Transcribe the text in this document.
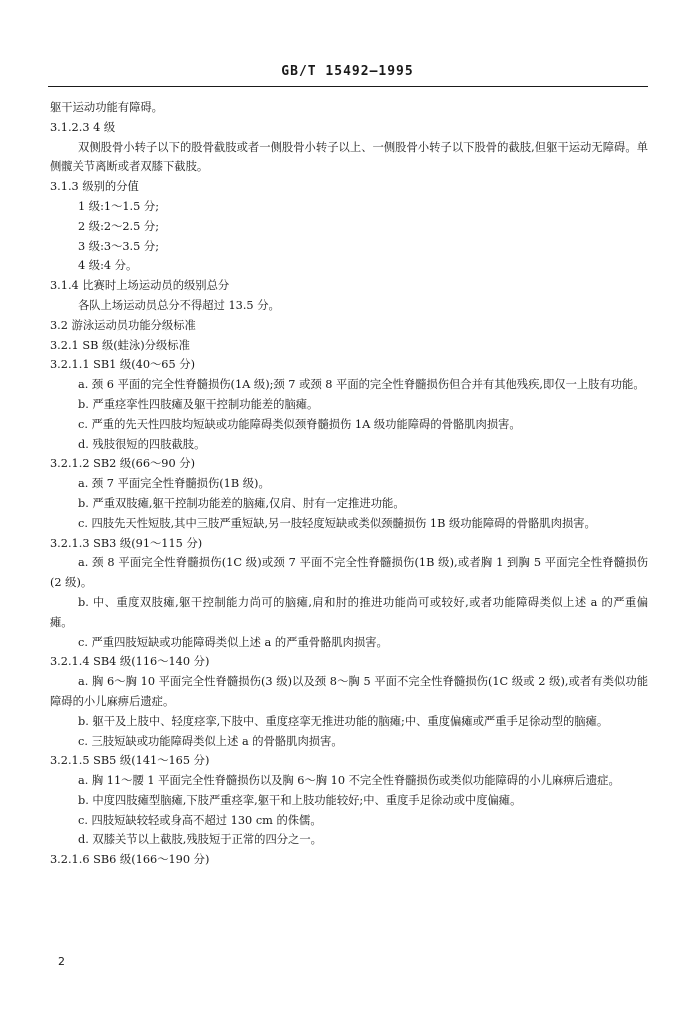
GB/T 15492—1995
躯干运动功能有障碍。
3.1.2.3 4 级
双侧股骨小转子以下的股骨截肢或者一侧股骨小转子以上、一侧股骨小转子以下股骨的截肢,但躯干运动无障碍。单侧髋关节离断或者双膝下截肢。
3.1.3 级别的分值
1 级:1～1.5 分;
2 级:2～2.5 分;
3 级:3～3.5 分;
4 级:4 分。
3.1.4 比赛时上场运动员的级别总分
各队上场运动员总分不得超过 13.5 分。
3.2 游泳运动员功能分级标准
3.2.1 SB 级(蛙泳)分级标准
3.2.1.1 SB1 级(40～65 分)
a. 颈 6 平面的完全性脊髓损伤(1A 级);颈 7 或颈 8 平面的完全性脊髓损伤但合并有其他残疾,即仅一上肢有功能。
b. 严重痉挛性四肢瘫及躯干控制功能差的脑瘫。
c. 严重的先天性四肢均短缺或功能障碍类似颈脊髓损伤 1A 级功能障碍的骨骼肌肉损害。
d. 残肢很短的四肢截肢。
3.2.1.2 SB2 级(66～90 分)
a. 颈 7 平面完全性脊髓损伤(1B 级)。
b. 严重双肢瘫,躯干控制功能差的脑瘫,仅肩、肘有一定推进功能。
c. 四肢先天性短肢,其中三肢严重短缺,另一肢轻度短缺或类似颈髓损伤 1B 级功能障碍的骨骼肌肉损害。
3.2.1.3 SB3 级(91～115 分)
a. 颈 8 平面完全性脊髓损伤(1C 级)或颈 7 平面不完全性脊髓损伤(1B 级),或者胸 1 到胸 5 平面完全性脊髓损伤(2 级)。
b. 中、重度双肢瘫,躯干控制能力尚可的脑瘫,肩和肘的推进功能尚可或较好,或者功能障碍类似上述 a 的严重偏瘫。
c. 严重四肢短缺或功能障碍类似上述 a 的严重骨骼肌肉损害。
3.2.1.4 SB4 级(116～140 分)
a. 胸 6～胸 10 平面完全性脊髓损伤(3 级)以及颈 8～胸 5 平面不完全性脊髓损伤(1C 级或 2 级),或者有类似功能障碍的小儿麻痹后遗症。
b. 躯干及上肢中、轻度痉挛,下肢中、重度痉挛无推进功能的脑瘫;中、重度偏瘫或严重手足徐动型的脑瘫。
c. 三肢短缺或功能障碍类似上述 a 的骨骼肌肉损害。
3.2.1.5 SB5 级(141～165 分)
a. 胸 11～腰 1 平面完全性脊髓损伤以及胸 6～胸 10 不完全性脊髓损伤或类似功能障碍的小儿麻痹后遗症。
b. 中度四肢瘫型脑瘫,下肢严重痉挛,躯干和上肢功能较好;中、重度手足徐动或中度偏瘫。
c. 四肢短缺较轻或身高不超过 130 cm 的侏儒。
d. 双膝关节以上截肢,残肢短于正常的四分之一。
3.2.1.6 SB6 级(166～190 分)
2
